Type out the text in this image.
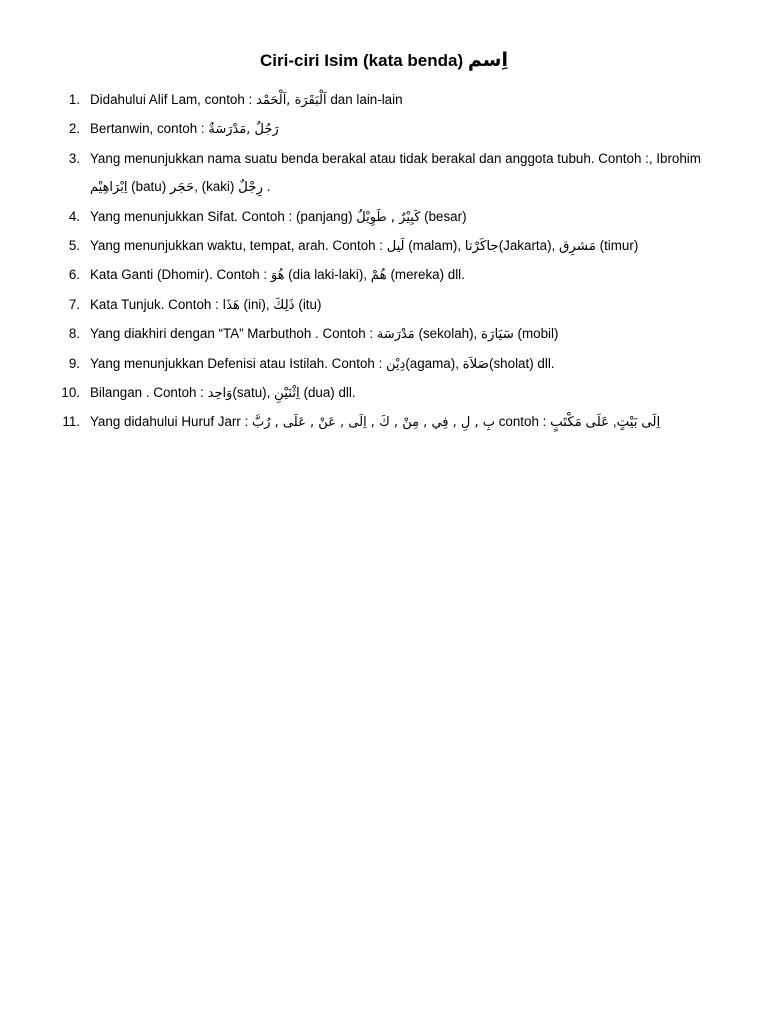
Ciri-ciri Isim (kata benda) اِسم
1. Didahului Alif Lam, contoh : اَلْبَقَرَة ,اَلْحَمْد dan lain-lain
2. Bertanwin, contoh : رَجُلٌ ,مَدْرَسَةٌ
3. Yang menunjukkan nama suatu benda berakal atau tidak berakal dan anggota tubuh. Contoh :, Ibrohim اِبْرَاهِيْم (batu) حَجَر, (kaki) رِجْلٌ .
4. Yang menunjukkan Sifat. Contoh : (panjang) كَبِيْرٌ , طَوِيْلٌ (besar)
5. Yang menunjukkan waktu, tempat, arah. Contoh : لَيل (malam), جاكَرْتا(Jakarta), مَشرِق (timur)
6. Kata Ganti (Dhomir). Contoh : هُوَ (dia laki-laki), هُمْ (mereka) dll.
7. Kata Tunjuk. Contoh : هَذَا (ini), ذَلِكَ (itu)
8. Yang diakhiri dengan “TA” Marbuthoh . Contoh : مَدْرَسَة (sekolah), سَيَارَة (mobil)
9. Yang menunjukkan Defenisi atau Istilah. Contoh : دِيْن(agama), صَلاَة(sholat) dll.
10. Bilangan . Contoh : وَاحِد(satu), اِثْنَيْنِ (dua) dll.
11. Yang didahului Huruf Jarr : بِ , لِ , فِي , مِنْ , كَ , اِلَى , عَنْ , عَلَى , رُبَّ contoh : اِلَى بَيْتٍ, عَلَى مَكْتَبٍ
